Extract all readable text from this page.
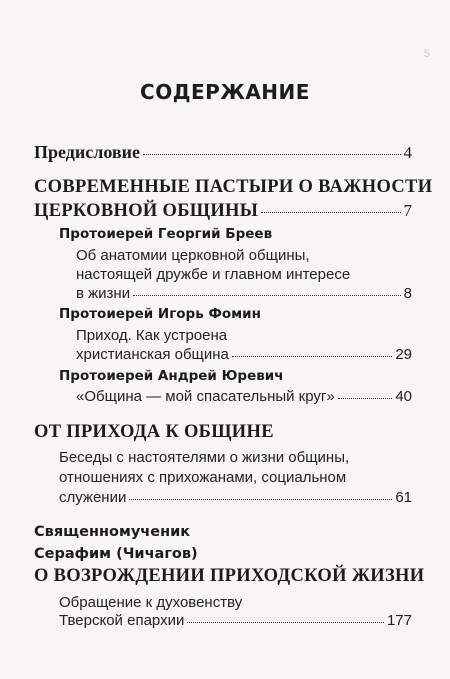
5
СОДЕРЖАНИЕ
Предисловие	4
СОВРЕМЕННЫЕ ПАСТЫРИ О ВАЖНОСТИ
ЦЕРКОВНОЙ ОБЩИНЫ	7
Протоиерей Георгий Бреев
Об анатомии церковной общины,
настоящей дружбе и главном интересе
в жизни	8
Протоиерей Игорь Фомин
Приход. Как устроена
христианская община	29
Протоиерей Андрей Юревич
«Община — мой спасательный круг»	40
ОТ ПРИХОДА К ОБЩИНЕ
Беседы с настоятелями о жизни общины,
отношениях с прихожанами, социальном
служении	61
Священномученик
Серафим (Чичагов)
О ВОЗРОЖДЕНИИ ПРИХОДСКОЙ ЖИЗНИ
Обращение к духовенству
Тверской епархии	177
